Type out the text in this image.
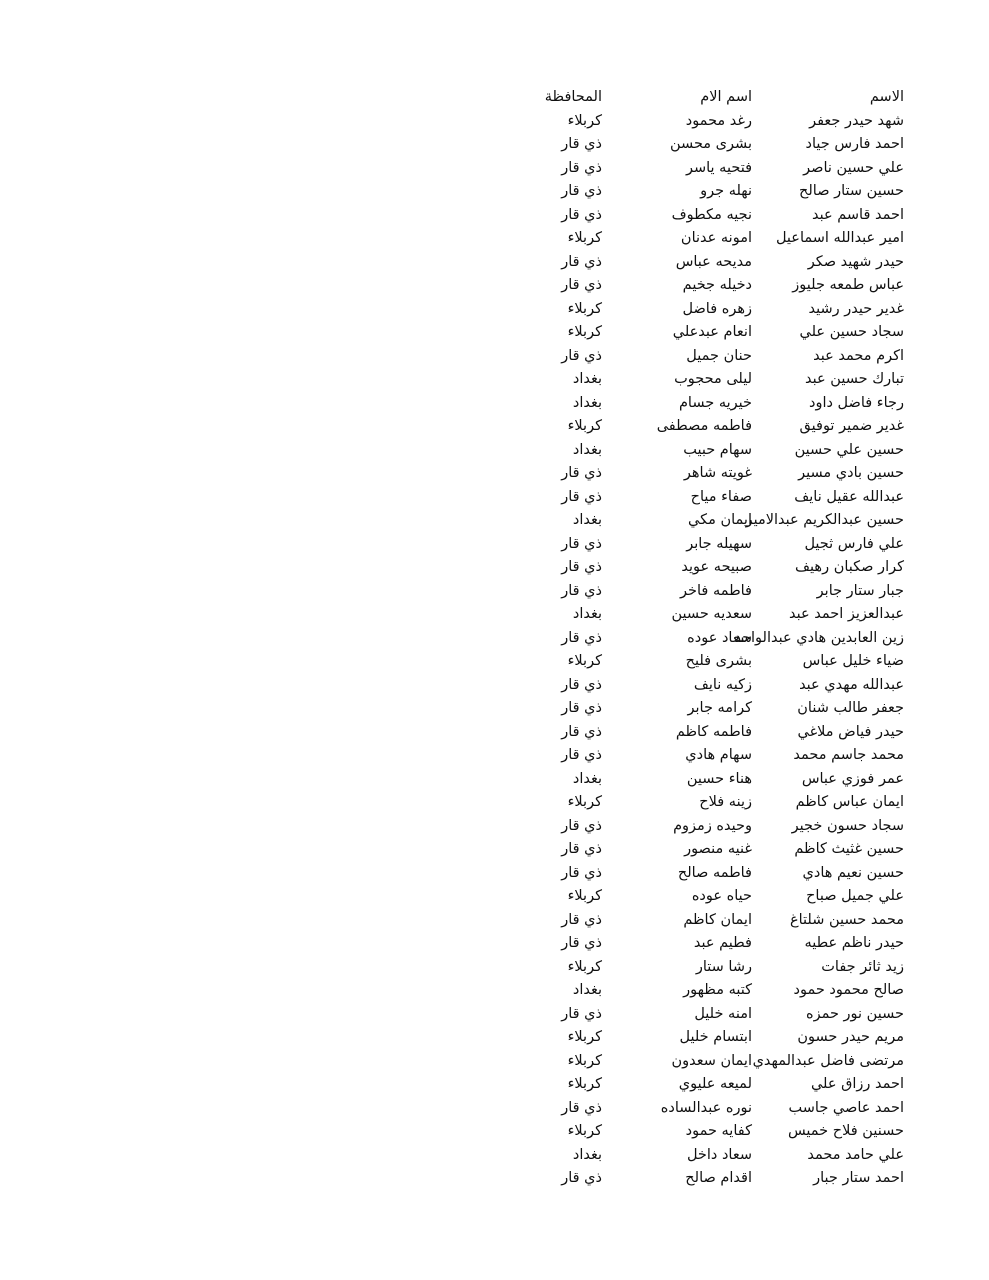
الاسم
اسم الام
المحافظة
شهد حيدر جعفر
رغد محمود
كربلاء
احمد فارس جياد
بشرى محسن
ذي قار
علي حسين ناصر
فتحيه ياسر
ذي قار
حسين ستار صالح
نهله جرو
ذي قار
احمد قاسم عبد
نجيه مكطوف
ذي قار
امير عبدالله اسماعيل
امونه عدنان
كربلاء
حيدر شهيد صكر
مديحه عباس
ذي قار
عباس طمعه جليوز
دخيله جخيم
ذي قار
غدير حيدر رشيد
زهره فاضل
كربلاء
سجاد حسين علي
انعام عبدعلي
كربلاء
اكرم محمد عبد
حنان جميل
ذي قار
تبارك حسين عبد
ليلى محجوب
بغداد
رجاء فاضل داود
خيريه جسام
بغداد
غدير ضمير توفيق
فاطمه مصطفى
كربلاء
حسين علي حسين
سهام حبيب
بغداد
حسين بادي مسير
غويته شاهر
ذي قار
عبدالله عقيل نايف
صفاء مياح
ذي قار
حسين عبدالكريم عبدالامير
ايمان مكي
بغداد
علي فارس ثجيل
سهيله جابر
ذي قار
كرار صكبان رهيف
صبيحه عويد
ذي قار
جبار ستار جابر
فاطمه فاخر
ذي قار
عبدالعزيز احمد عبد
سعديه حسين
بغداد
زين العابدين هادي عبدالواحد
سعاد عوده
ذي قار
ضياء خليل عباس
بشرى فليح
كربلاء
عبدالله مهدي عبد
زكيه نايف
ذي قار
جعفر طالب شنان
كرامه جابر
ذي قار
حيدر فياض ملاغي
فاطمه كاظم
ذي قار
محمد جاسم محمد
سهام هادي
ذي قار
عمر فوزي عباس
هناء حسين
بغداد
ايمان عباس كاظم
زينه فلاح
كربلاء
سجاد حسون خجير
وحيده زمزوم
ذي قار
حسين غثيث كاظم
غنيه منصور
ذي قار
حسين نعيم هادي
فاطمه صالح
ذي قار
علي جميل صباح
حياه عوده
كربلاء
محمد حسين شلتاغ
ايمان كاظم
ذي قار
حيدر ناظم عطيه
فطيم عبد
ذي قار
زيد ثائر جفات
رشا ستار
كربلاء
صالح محمود حمود
كتبه مظهور
بغداد
حسين نور حمزه
امنه خليل
ذي قار
مريم حيدر حسون
ابتسام خليل
كربلاء
مرتضى فاضل عبدالمهدي
ايمان سعدون
كربلاء
احمد رزاق علي
لميعه عليوي
كربلاء
احمد عاصي جاسب
نوره عبدالساده
ذي قار
حسنين فلاح خميس
كفايه حمود
كربلاء
علي حامد محمد
سعاد داخل
بغداد
احمد ستار جبار
اقدام صالح
ذي قار
